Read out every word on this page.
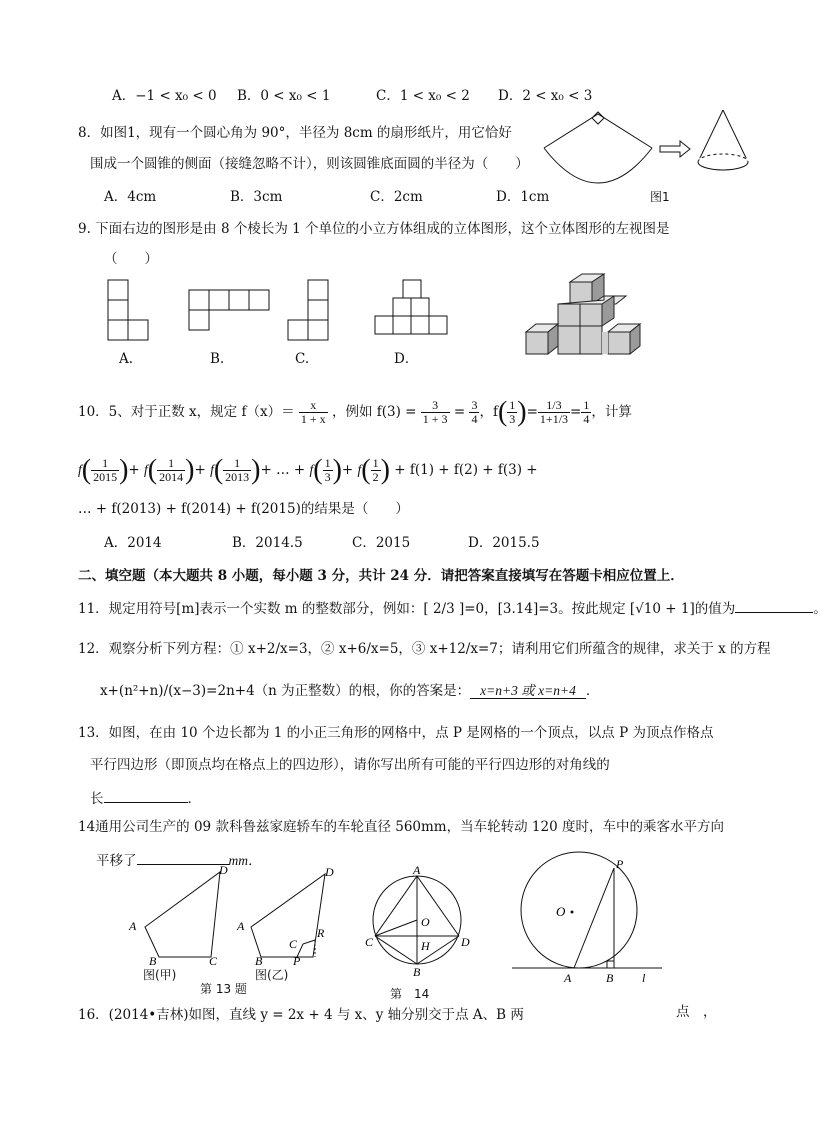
A．−1 < x₀ < 0 B．0 < x₀ < 1	C．1 < x₀ < 2 D．2 < x₀ < 3
8．如图1，现有一个圆心角为 90°，半径为 8cm 的扇形纸片，用它恰好
围成一个圆锥的侧面（接缝忽略不计），则该圆锥底面圆的半径为（　　）
A．4cm	B．3cm	C．2cm	D．1cm	图1
9. 下面右边的图形是由 8 个棱长为 1 个单位的小立方体组成的立体图形，这个立体图形的左视图是
（　　）
A.	B.	C.	D．
10．5、对于正数 x，规定 $f(x)= \frac{x}{1 + x}$ ，例如 $f(3) = \frac{3}{1 + 3} = \frac{3}{4}$ ，$f( \frac{1}{3}$ )= $\frac{1/3}{1+1/3} = \frac{1}{4}$ ，计算
$f( \frac{1}{2015}$ )+ $f( \frac{1}{2014}$ )+ $f( \frac{1}{2013}$ )+ … + $f( \frac{1}{3}$ )+ $f( \frac{1}{2}$ ) + f(1) + f(2) + f(3) +
… + f(2013) + f(2014) + f(2015)的结果是（　　）
A．2014	B．2014.5	C．2015	D．2015.5
二、填空题（本大题共 8 小题，每小题 3 分，共计 24 分．请把答案直接填写在答题卡相应位置上．
11．规定用符号[m]表示一个实数 m 的整数部分，例如：[ 2/3 ]=0，[3.14]=3。按此规定 [√10 + 1]的值为	。
12．观察分析下列方程：① x+2/x=3，② x+6/x=5，③ x+12/x=7；请利用它们所蕴含的规律，求关于 x 的方程
x+(n²+n)/(x−3)=2n+4（n 为正整数）的根，你的答案是： x=n+3 或 x=n+4 ．
13．如图，在由 10 个边长都为 1 的小正三角形的网格中，点 P 是网格的一个顶点，以点 P 为顶点作格点
平行四边形（即顶点均在格点上的四边形），请你写出所有可能的平行四边形的对角线的
长	．
14通用公司生产的 09 款科鲁兹家庭轿车的车轮直径 560mm，当车轮转动 120 度时，车中的乘客水平方向
平移了	mm．
A
D
B	C
图(甲)
A
D
B	P
R
C
图(乙)
第 13 题
A
O
C	D
H
B
第　14
O
P
A	B l
16．(2014•吉林)如图，直线 y = 2x + 4 与 x、y 轴分别交于点 A、B 两	点　，
